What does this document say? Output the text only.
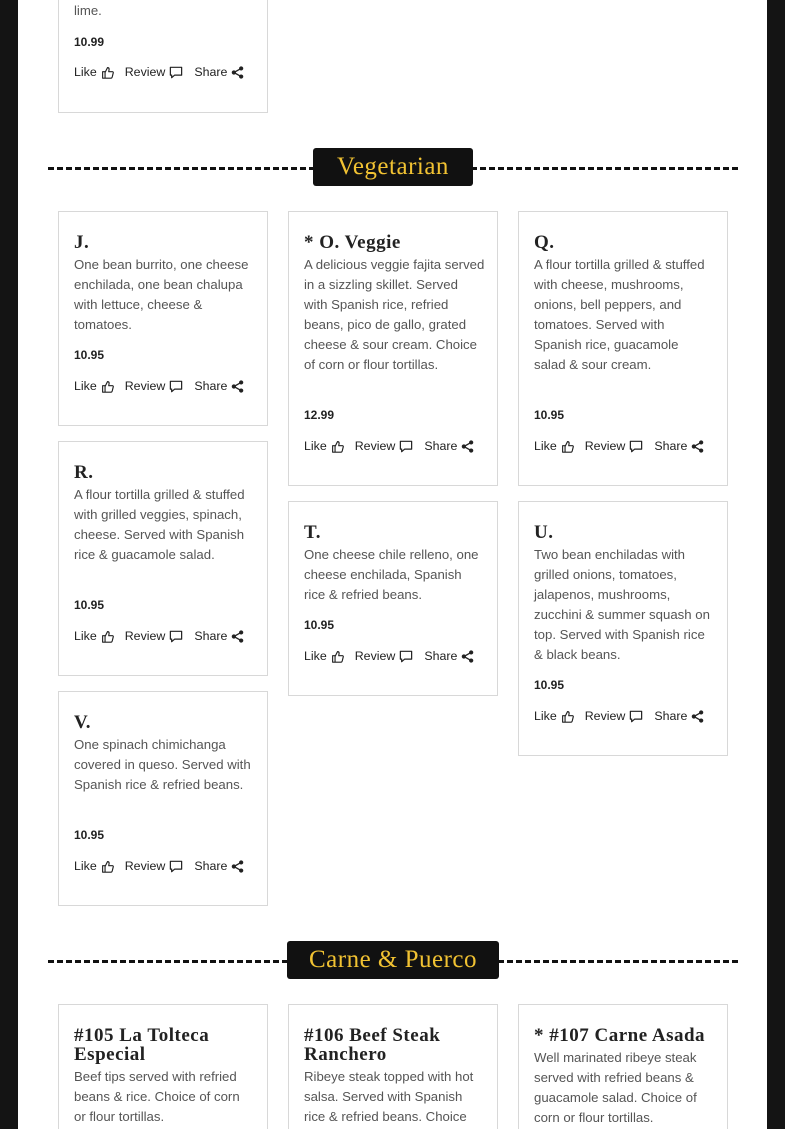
lime.

10.99

Like Review Share
Vegetarian
J.

One bean burrito, one cheese enchilada, one bean chalupa with lettuce, cheese & tomatoes.

10.95

Like Review Share
* O. Veggie

A delicious veggie fajita served in a sizzling skillet. Served with Spanish rice, refried beans, pico de gallo, grated cheese & sour cream. Choice of corn or flour tortillas.

12.99

Like Review Share
Q.

A flour tortilla grilled & stuffed with cheese, mushrooms, onions, bell peppers, and tomatoes. Served with Spanish rice, guacamole salad & sour cream.

10.95

Like Review Share
R.

A flour tortilla grilled & stuffed with grilled veggies, spinach, cheese. Served with Spanish rice & guacamole salad.

10.95

Like Review Share
T.

One cheese chile relleno, one cheese enchilada, Spanish rice & refried beans.

10.95

Like Review Share
U.

Two bean enchiladas with grilled onions, tomatoes, jalapenos, mushrooms, zucchini & summer squash on top. Served with Spanish rice & black beans.

10.95

Like Review Share
V.

One spinach chimichanga covered in queso. Served with Spanish rice & refried beans.

10.95

Like Review Share
Carne & Puerco
#105 La Tolteca Especial

Beef tips served with refried beans & rice. Choice of corn or flour tortillas.

#106 Beef Steak Ranchero

Ribeye steak topped with hot salsa. Served with Spanish rice & refried beans. Choice

* #107 Carne Asada

Well marinated ribeye steak served with refried beans & guacamole salad. Choice of corn or flour tortillas.
